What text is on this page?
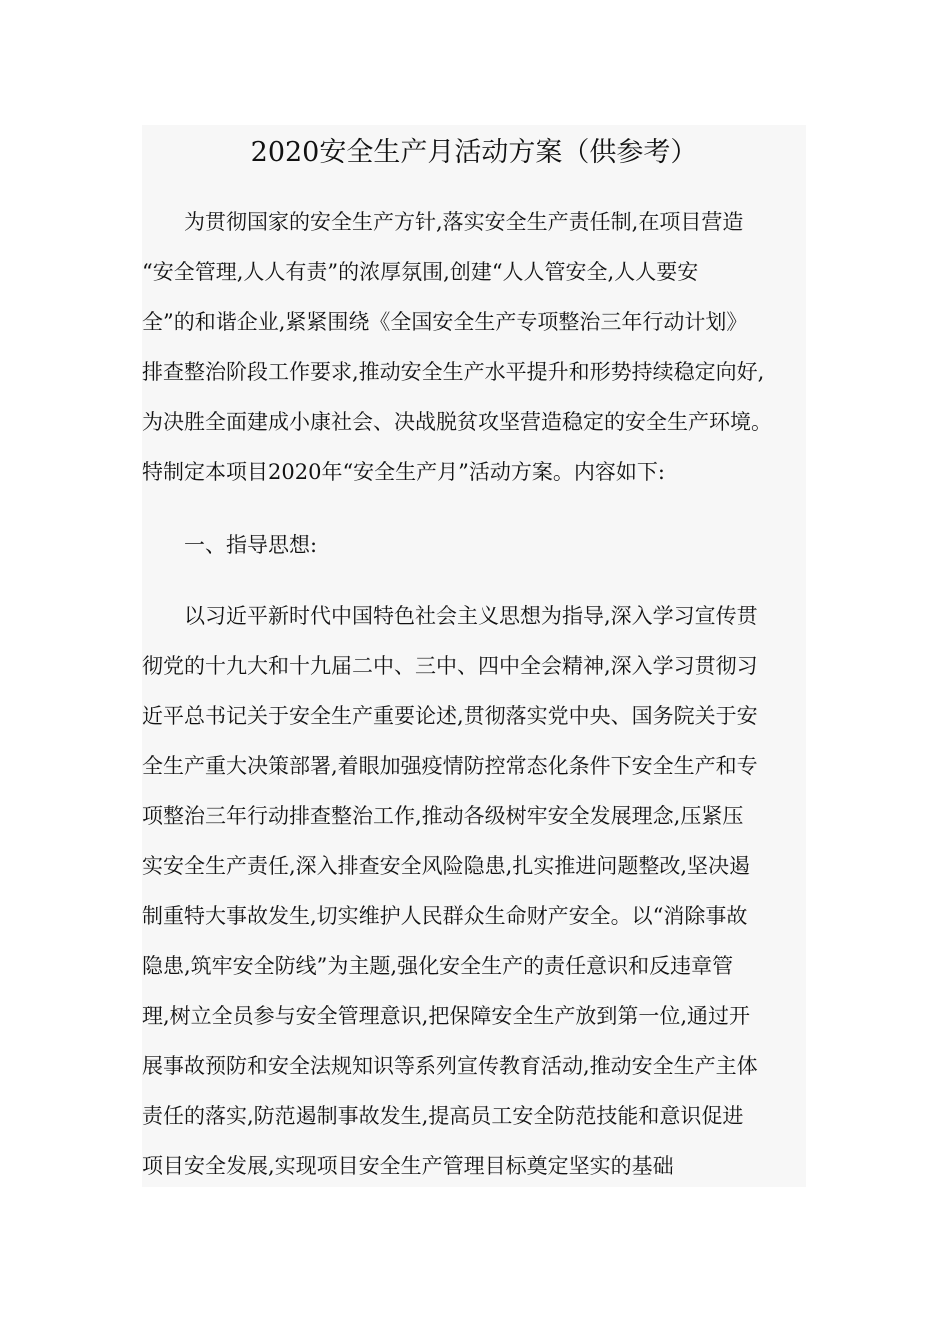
2020安全生产月活动方案（供参考）

　　为贯彻国家的安全生产方针,落实安全生产责任制,在项目营造

“安全管理,人人有责”的浓厚氛围,创建“人人管安全,人人要安

全”的和谐企业,紧紧围绕《全国安全生产专项整治三年行动计划》

排查整治阶段工作要求,推动安全生产水平提升和形势持续稳定向好,

为决胜全面建成小康社会、决战脱贫攻坚营造稳定的安全生产环境。

特制定本项目2020年“安全生产月”活动方案。内容如下:

　　一、指导思想:

　　以习近平新时代中国特色社会主义思想为指导,深入学习宣传贯

彻党的十九大和十九届二中、三中、四中全会精神,深入学习贯彻习

近平总书记关于安全生产重要论述,贯彻落实党中央、国务院关于安

全生产重大决策部署,着眼加强疫情防控常态化条件下安全生产和专

项整治三年行动排查整治工作,推动各级树牢安全发展理念,压紧压

实安全生产责任,深入排查安全风险隐患,扎实推进问题整改,坚决遏

制重特大事故发生,切实维护人民群众生命财产安全。以“消除事故

隐患,筑牢安全防线”为主题,强化安全生产的责任意识和反违章管

理,树立全员参与安全管理意识,把保障安全生产放到第一位,通过开

展事故预防和安全法规知识等系列宣传教育活动,推动安全生产主体

责任的落实,防范遏制事故发生,提高员工安全防范技能和意识促进

项目安全发展,实现项目安全生产管理目标奠定坚实的基础
